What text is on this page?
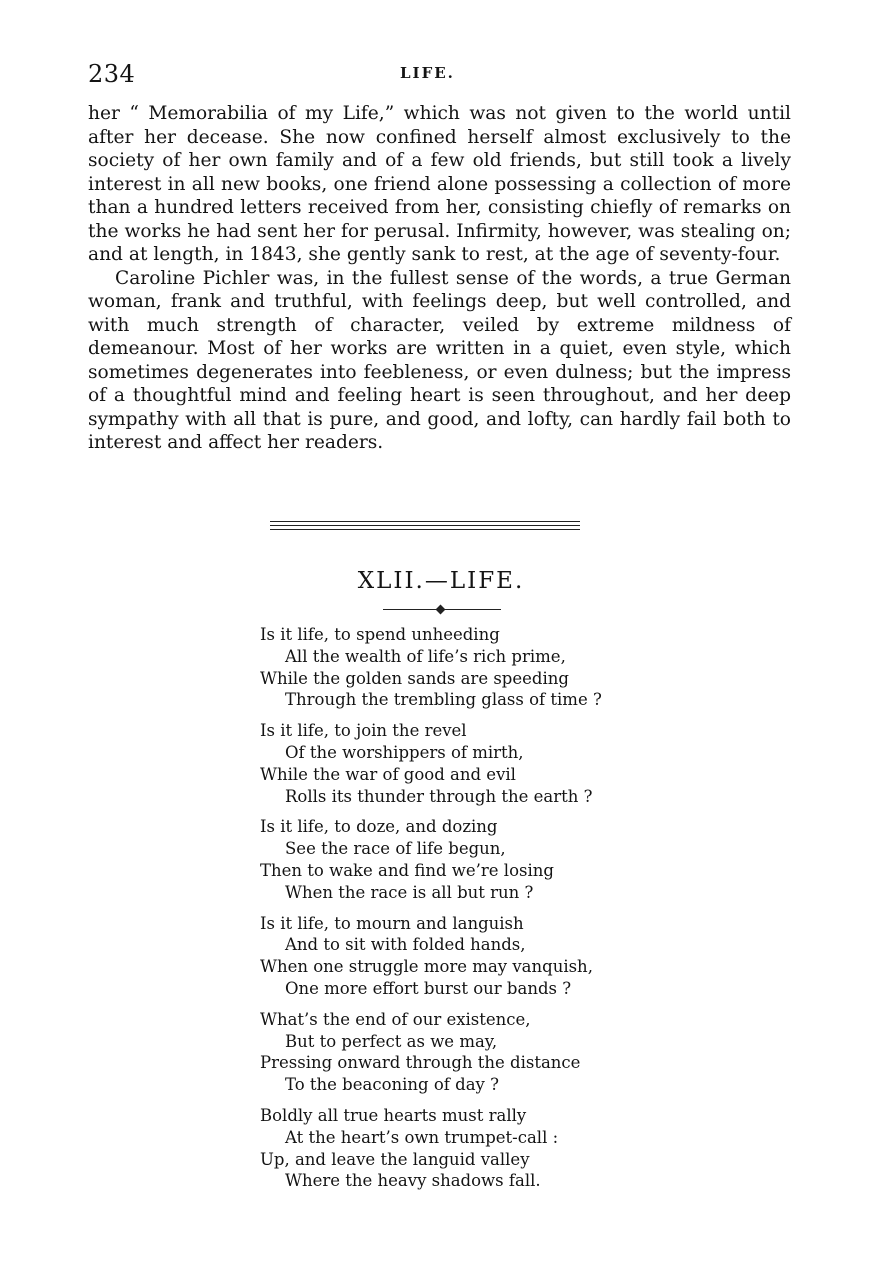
234	LIFE.

her “ Memorabilia of my Life,” which was not given to the world until after her decease. She now confined herself almost exclusively to the society of her own family and of a few old friends, but still took a lively interest in all new books, one friend alone possessing a collection of more than a hundred letters received from her, consisting chiefly of remarks on the works he had sent her for perusal. Infirmity, however, was stealing on; and at length, in 1843, she gently sank to rest, at the age of seventy-four.

Caroline Pichler was, in the fullest sense of the words, a true German woman, frank and truthful, with feelings deep, but well controlled, and with much strength of character, veiled by extreme mildness of demeanour. Most of her works are written in a quiet, even style, which sometimes degenerates into feebleness, or even dulness; but the impress of a thoughtful mind and feeling heart is seen throughout, and her deep sympathy with all that is pure, and good, and lofty, can hardly fail both to interest and affect her readers.

XLII.—LIFE.
Is it life, to spend unheeding
All the wealth of life’s rich prime,
While the golden sands are speeding
Through the trembling glass of time ?
Is it life, to join the revel
Of the worshippers of mirth,
While the war of good and evil
Rolls its thunder through the earth ?
Is it life, to doze, and dozing
See the race of life begun,
Then to wake and find we’re losing
When the race is all but run ?
Is it life, to mourn and languish
And to sit with folded hands,
When one struggle more may vanquish,
One more effort burst our bands ?
What’s the end of our existence,
But to perfect as we may,
Pressing onward through the distance
To the beaconing of day ?
Boldly all true hearts must rally
At the heart’s own trumpet-call :
Up, and leave the languid valley
Where the heavy shadows fall.
